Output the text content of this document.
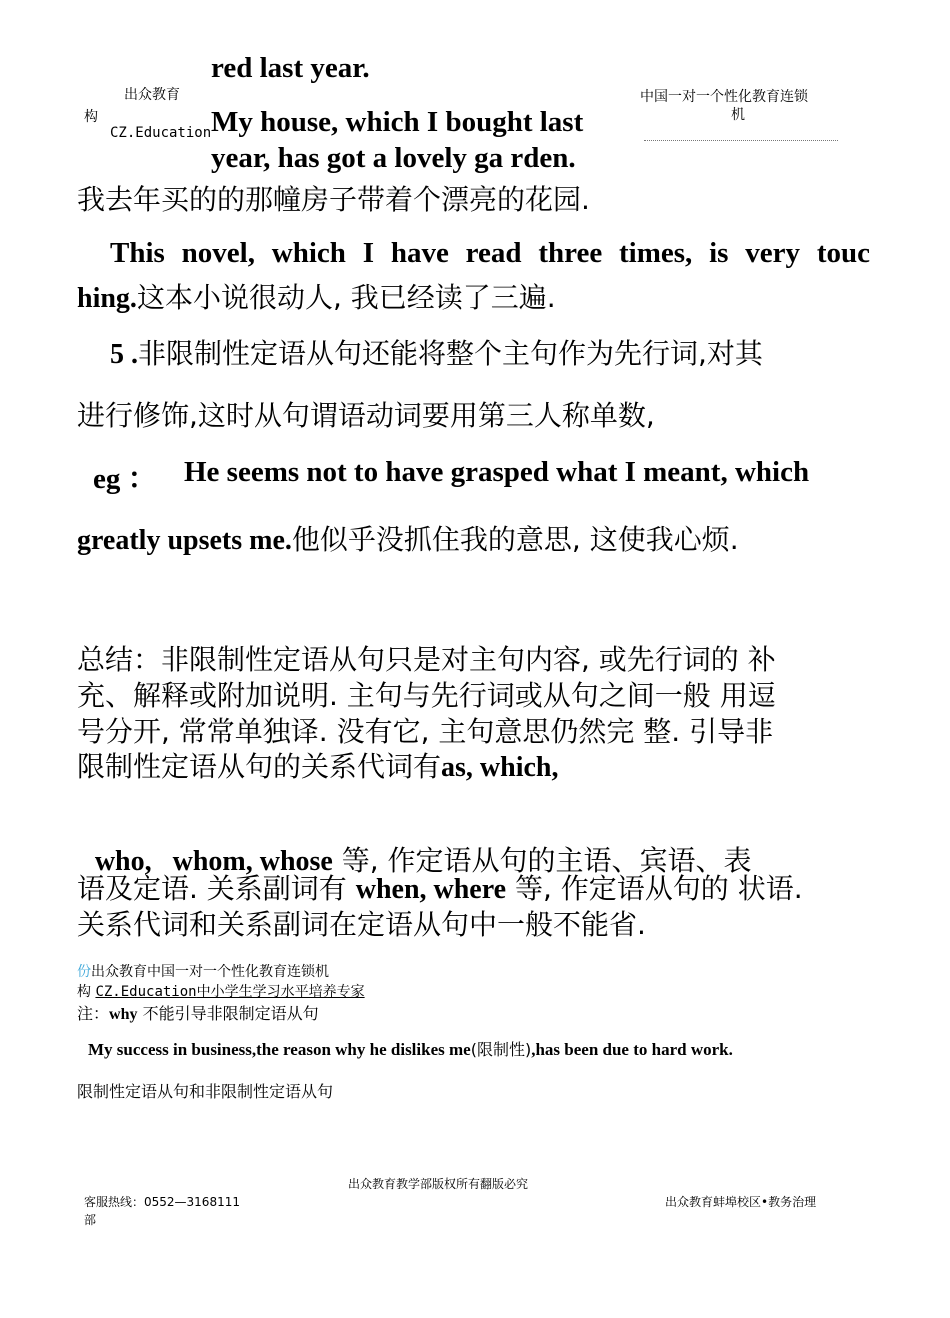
出众教育
构
CZ.Education
中国一对一个性化教育连锁
机
red last year.
My house, which I bought last
year, has got a lovely ga rden.
我去年买的的那幢房子带着个漂亮的花园.
This novel, which I have read three times, is very touc
hing.这本小说很动人, 我已经读了三遍.
5 .非限制性定语从句还能将整个主句作为先行词,对其
进行修饰,这时从句谓语动词要用第三人称单数,
eg ： He seems not to have grasped what I meant, which
greatly upsets me.他似乎没抓住我的意思, 这使我心烦.
总结：非限制性定语从句只是对主句内容, 或先行词的 补
充、解释或附加说明. 主句与先行词或从句之间一般 用逗
号分开, 常常单独译. 没有它, 主句意思仍然完 整. 引导非
限制性定语从句的关系代词有as, which,

who,   whom, whose 等, 作定语从句的主语、宾语、表

语及定语. 关系副词有 when, where 等, 作定语从句的 状语.
关系代词和关系副词在定语从句中一般不能省.
份出众教育中国一对一个性化教育连锁机
构 CZ.Education中小学生学习水平培养专家
注：why 不能引导非限制定语从句
My success in business,the reason why he dislikes me(限制性),has been due to hard work.
限制性定语从句和非限制性定语从句
出众教育教学部版权所有翻版必究
客服热线：0552—3168111
部
出众教育蚌埠校区•教务治理
